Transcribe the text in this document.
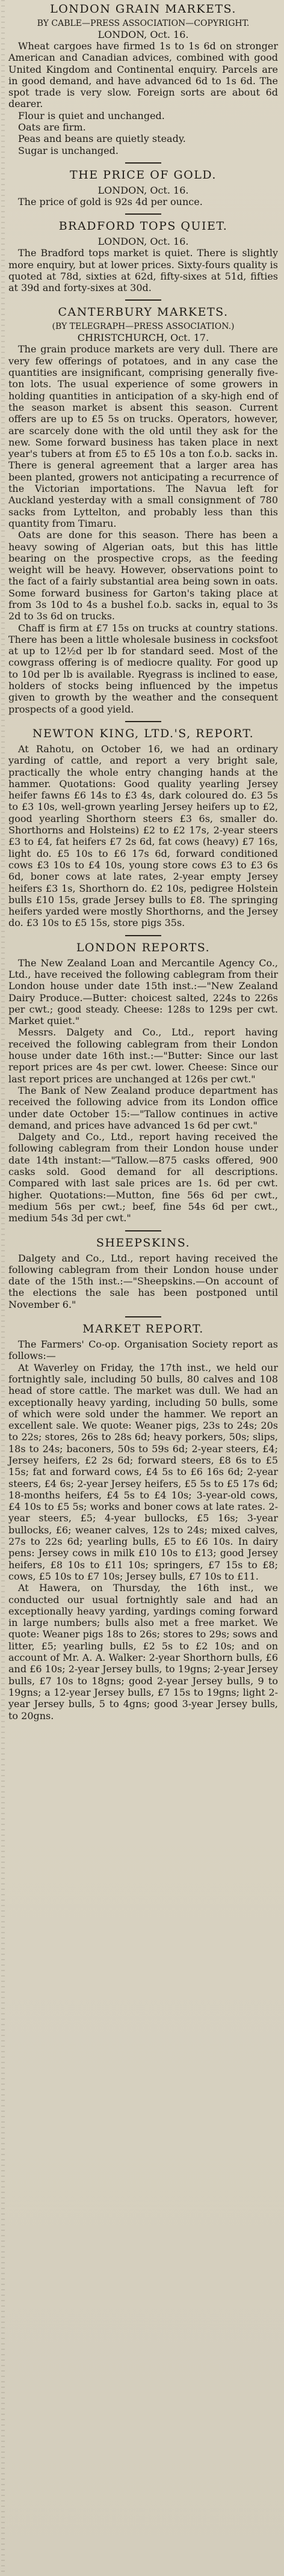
LONDON GRAIN MARKETS.
BY CABLE—PRESS ASSOCIATION—COPYRIGHT.
LONDON, Oct. 16.

Wheat cargoes have firmed 1s to 1s 6d on stronger American and Canadian advices, combined with good United Kingdom and Continental enquiry. Parcels are in good demand, and have advanced 6d to 1s 6d. The spot trade is very slow. Foreign sorts are about 6d dearer.

Flour is quiet and unchanged.

Oats are firm.

Peas and beans are quietly steady.

Sugar is unchanged.

THE PRICE OF GOLD.
LONDON, Oct. 16.

The price of gold is 92s 4d per ounce.

BRADFORD TOPS QUIET.
LONDON, Oct. 16.

The Bradford tops market is quiet. There is slightly more enquiry, but at lower prices. Sixty-fours quality is quoted at 78d, sixties at 62d, fifty-sixes at 51d, fifties at 39d and forty-sixes at 30d.

CANTERBURY MARKETS.
(BY TELEGRAPH—PRESS ASSOCIATION.)
CHRISTCHURCH, Oct. 17.

The grain produce markets are very dull. There are very few offerings of potatoes, and in any case the quantities are insignificant, comprising generally five-ton lots. The usual experience of some growers in holding quantities in anticipation of a sky-high end of the season market is absent this season. Current offers are up to £5 5s on trucks. Operators, however, are scarcely done with the old until they ask for the new. Some forward business has taken place in next year's tubers at from £5 to £5 10s a ton f.o.b. sacks in. There is general agreement that a larger area has been planted, growers not anticipating a recurrence of the Victorian importations. The Navua left for Auckland yesterday with a small consignment of 780 sacks from Lyttelton, and probably less than this quantity from Timaru.

Oats are done for this season. There has been a heavy sowing of Algerian oats, but this has little bearing on the prospective crops, as the feeding weight will be heavy. However, observations point to the fact of a fairly substantial area being sown in oats. Some forward business for Garton's taking place at from 3s 10d to 4s a bushel f.o.b. sacks in, equal to 3s 2d to 3s 6d on trucks.

Chaff is firm at £7 15s on trucks at country stations. There has been a little wholesale business in cocksfoot at up to 12½d per lb for standard seed. Most of the cowgrass offering is of mediocre quality. For good up to 10d per lb is available. Ryegrass is inclined to ease, holders of stocks being influenced by the impetus given to growth by the weather and the consequent prospects of a good yield.

NEWTON KING, LTD.'S, REPORT.

At Rahotu, on October 16, we had an ordinary yarding of cattle, and report a very bright sale, practically the whole entry changing hands at the hammer. Quotations: Good quality yearling Jersey heifer fawns £6 14s to £3 4s, dark coloured do. £3 5s to £3 10s, well-grown yearling Jersey heifers up to £2, good yearling Shorthorn steers £3 6s, smaller do. Shorthorns and Holsteins) £2 to £2 17s, 2-year steers £3 to £4, fat heifers £7 2s 6d, fat cows (heavy) £7 16s, light do. £5 10s to £6 17s 6d, forward conditioned cows £3 10s to £4 10s, young store cows £3 to £3 6s 6d, boner cows at late rates, 2-year empty Jersey heifers £3 1s, Shorthorn do. £2 10s, pedigree Holstein bulls £10 15s, grade Jersey bulls to £8. The springing heifers yarded were mostly Shorthorns, and the Jersey do. £3 10s to £5 15s, store pigs 35s.

LONDON REPORTS.

The New Zealand Loan and Mercantile Agency Co., Ltd., have received the following cablegram from their London house under date 15th inst.:—"New Zealand Dairy Produce.—Butter: choicest salted, 224s to 226s per cwt.; good steady. Cheese: 128s to 129s per cwt. Market quiet."

Messrs. Dalgety and Co., Ltd., report having received the following cablegram from their London house under date 16th inst.:—"Butter: Since our last report prices are 4s per cwt. lower. Cheese: Since our last report prices are unchanged at 126s per cwt."

The Bank of New Zealand produce department has received the following advice from its London office under date October 15:—"Tallow continues in active demand, and prices have advanced 1s 6d per cwt."

Dalgety and Co., Ltd., report having received the following cablegram from their London house under date 14th instant:—"Tallow.—875 casks offered, 900 casks sold. Good demand for all descriptions. Compared with last sale prices are 1s. 6d per cwt. higher. Quotations:—Mutton, fine 56s 6d per cwt., medium 56s per cwt.; beef, fine 54s 6d per cwt., medium 54s 3d per cwt."

SHEEPSKINS.

Dalgety and Co., Ltd., report having received the following cablegram from their London house under date of the 15th inst.:—"Sheepskins.—On account of the elections the sale has been postponed until November 6."

MARKET REPORT.

The Farmers' Co-op. Organisation Society report as follows:—

At Waverley on Friday, the 17th inst., we held our fortnightly sale, including 50 bulls, 80 calves and 108 head of store cattle. The market was dull. We had an exceptionally heavy yarding, including 50 bulls, some of which were sold under the hammer. We report an excellent sale. We quote: Weaner pigs, 23s to 24s; 20s to 22s; stores, 26s to 28s 6d; heavy porkers, 50s; slips, 18s to 24s; baconers, 50s to 59s 6d; 2-year steers, £4; Jersey heifers, £2 2s 6d; forward steers, £8 6s to £5 15s; fat and forward cows, £4 5s to £6 16s 6d; 2-year steers, £4 6s; 2-year Jersey heifers, £5 5s to £5 17s 6d; 18-months heifers, £4 5s to £4 10s; 3-year-old cows, £4 10s to £5 5s; works and boner cows at late rates. 2-year steers, £5; 4-year bullocks, £5 16s; 3-year bullocks, £6; weaner calves, 12s to 24s; mixed calves, 27s to 22s 6d; yearling bulls, £5 to £6 10s. In dairy pens: Jersey cows in milk £10 10s to £13; good Jersey heifers, £8 10s to £11 10s; springers, £7 15s to £8; cows, £5 10s to £7 10s; Jersey bulls, £7 10s to £11.

At Hawera, on Thursday, the 16th inst., we conducted our usual fortnightly sale and had an exceptionally heavy yarding, yardings coming forward in large numbers; bulls also met a free market. We quote: Weaner pigs 18s to 26s; stores to 29s; sows and litter, £5; yearling bulls, £2 5s to £2 10s; and on account of Mr. A. A. Walker: 2-year Shorthorn bulls, £6 and £6 10s; 2-year Jersey bulls, to 19gns; 2-year Jersey bulls, £7 10s to 18gns; good 2-year Jersey bulls, 9 to 19gns; a 12-year Jersey bulls, £7 15s to 19gns; light 2-year Jersey bulls, 5 to 4gns; good 3-year Jersey bulls, to 20gns.
